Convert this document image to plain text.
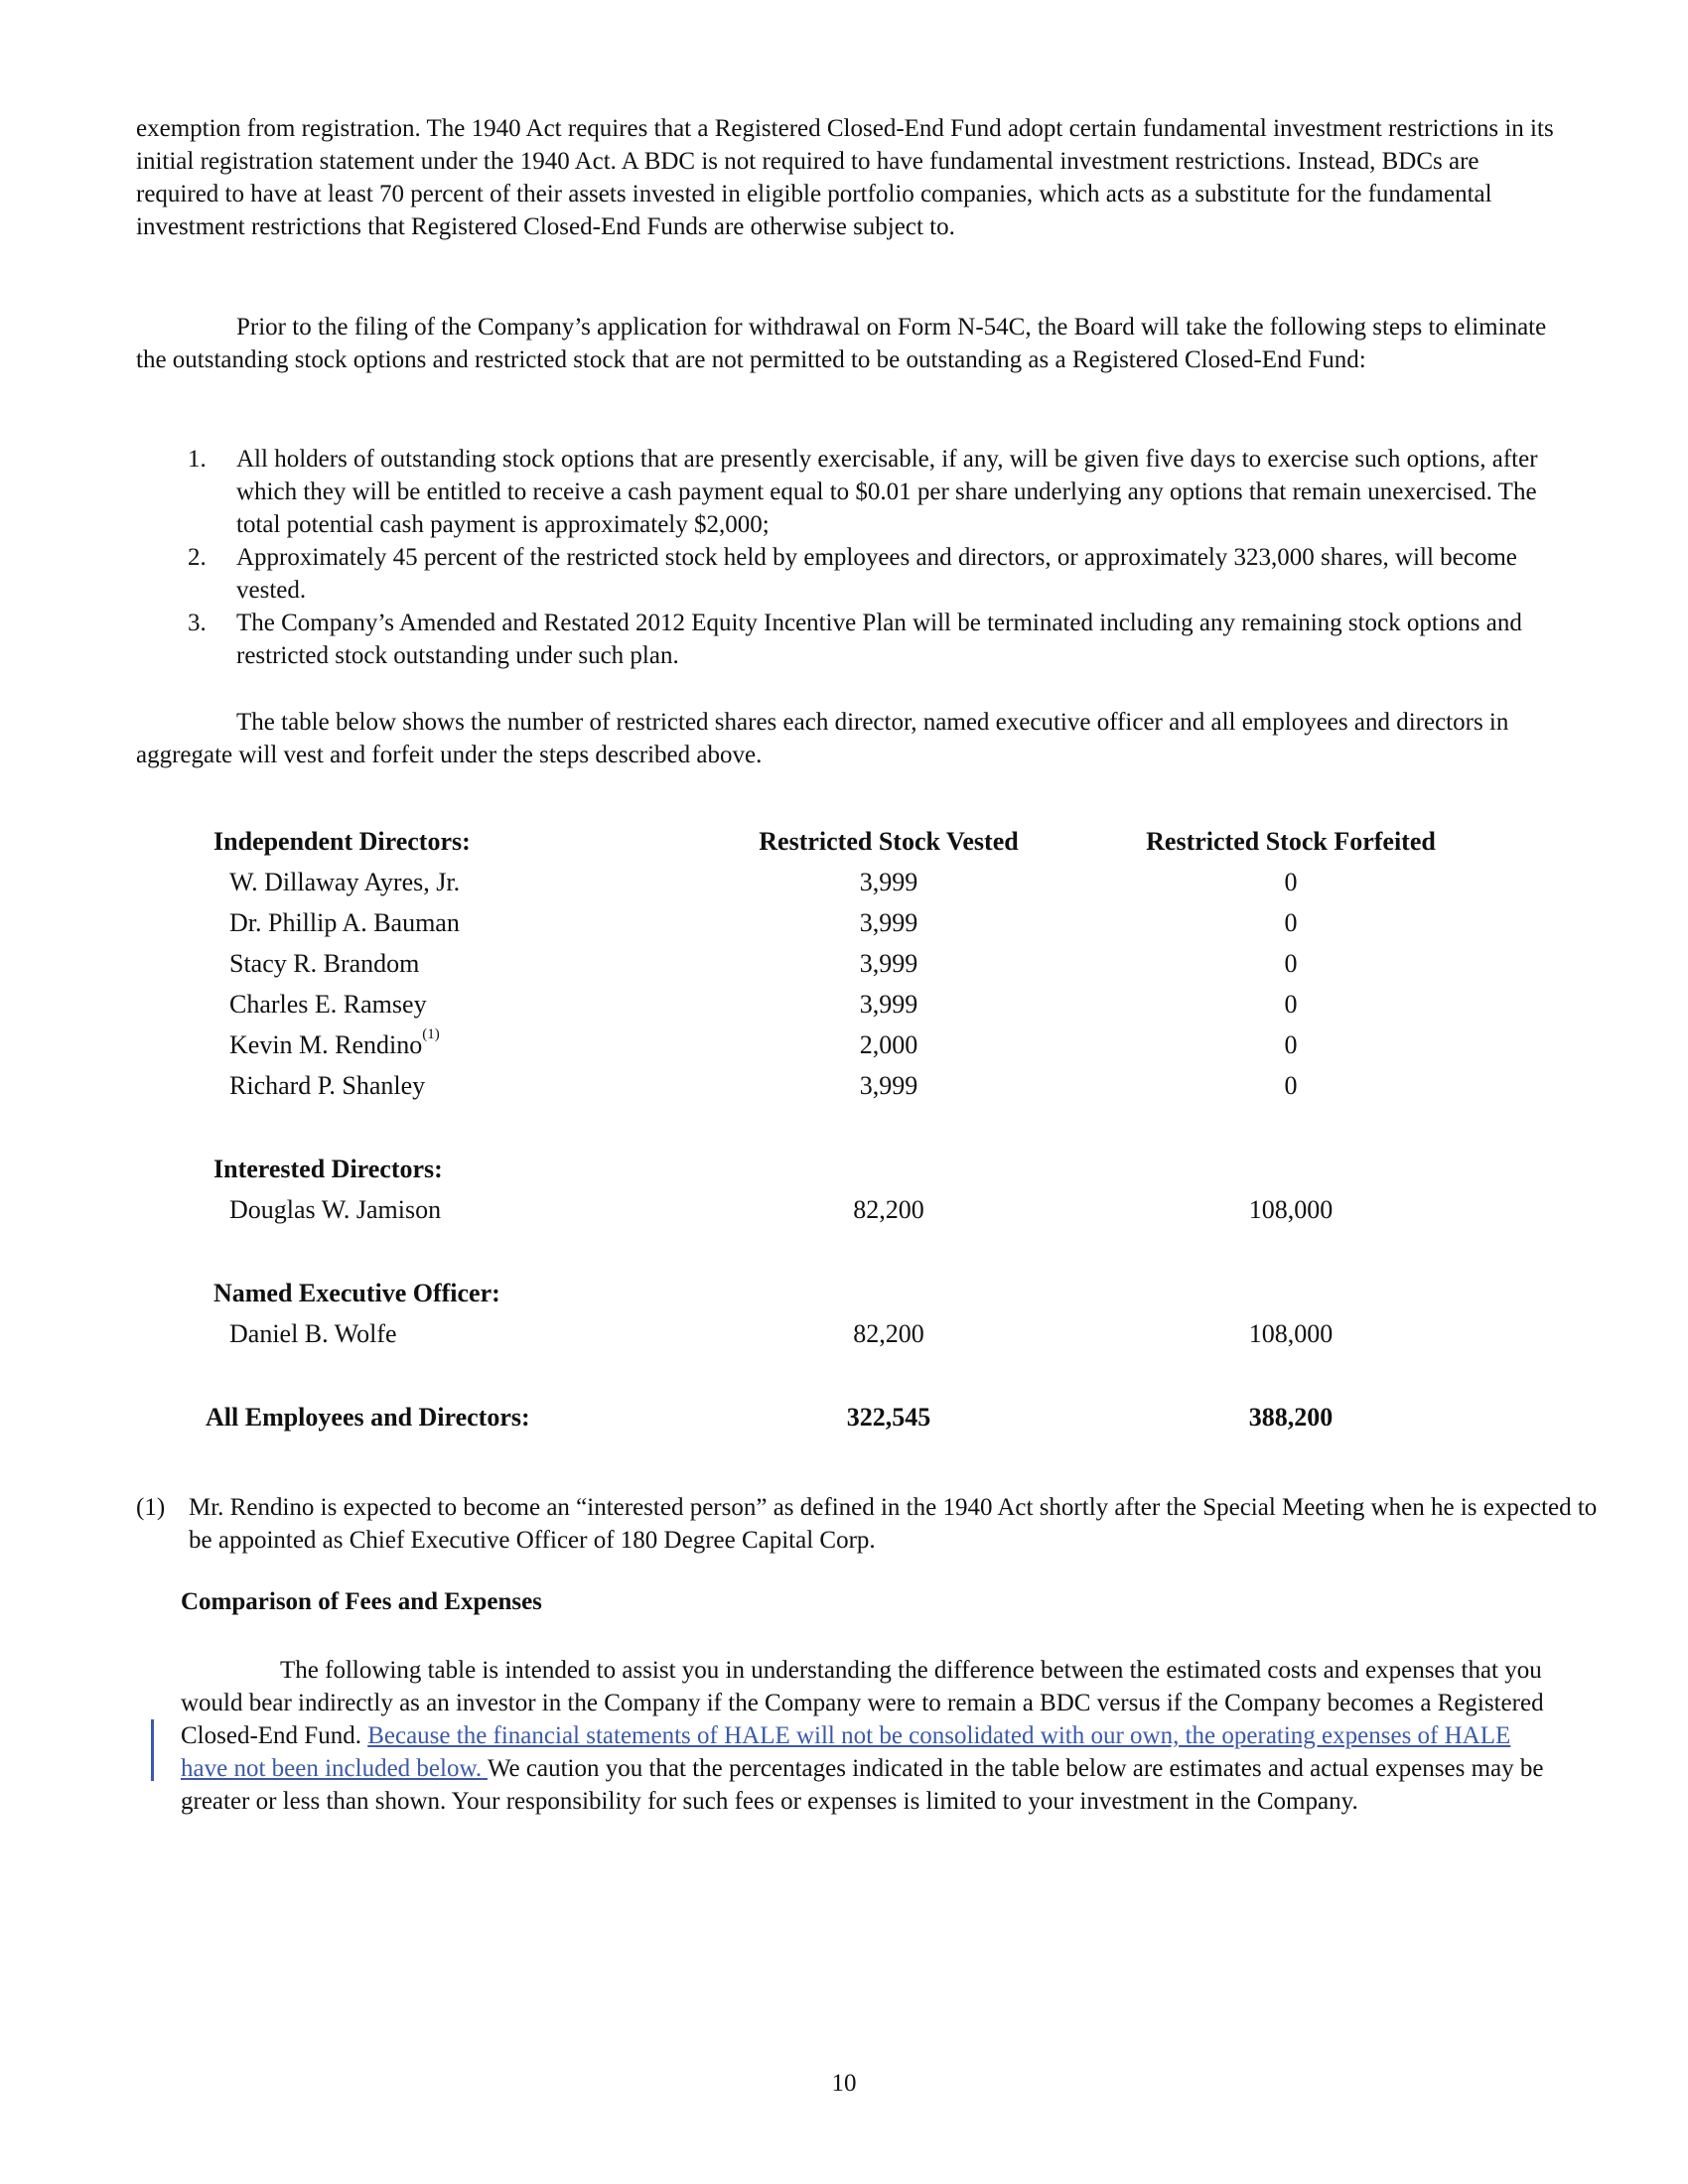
exemption from registration. The 1940 Act requires that a Registered Closed-End Fund adopt certain fundamental investment restrictions in its initial registration statement under the 1940 Act. A BDC is not required to have fundamental investment restrictions. Instead, BDCs are required to have at least 70 percent of their assets invested in eligible portfolio companies, which acts as a substitute for the fundamental investment restrictions that Registered Closed-End Funds are otherwise subject to.

Prior to the filing of the Company’s application for withdrawal on Form N-54C, the Board will take the following steps to eliminate the outstanding stock options and restricted stock that are not permitted to be outstanding as a Registered Closed-End Fund:

1. All holders of outstanding stock options that are presently exercisable, if any, will be given five days to exercise such options, after which they will be entitled to receive a cash payment equal to $0.01 per share underlying any options that remain unexercised. The total potential cash payment is approximately $2,000;
2. Approximately 45 percent of the restricted stock held by employees and directors, or approximately 323,000 shares, will become vested.
3. The Company’s Amended and Restated 2012 Equity Incentive Plan will be terminated including any remaining stock options and restricted stock outstanding under such plan.

The table below shows the number of restricted shares each director, named executive officer and all employees and directors in aggregate will vest and forfeit under the steps described above.

Independent Directors:	Restricted Stock Vested	Restricted Stock Forfeited
W. Dillaway Ayres, Jr.	3,999	0
Dr. Phillip A. Bauman	3,999	0
Stacy R. Brandom	3,999	0
Charles E. Ramsey	3,999	0
Kevin M. Rendino$^{(1)}$	2,000	0
Richard P. Shanley	3,999	0
Interested Directors:
Douglas W. Jamison	82,200	108,000
Named Executive Officer:
Daniel B. Wolfe	82,200	108,000
All Employees and Directors:	322,545	388,200
(1) Mr. Rendino is expected to become an “interested person” as defined in the 1940 Act shortly after the Special Meeting when he is expected to be appointed as Chief Executive Officer of 180 Degree Capital Corp.
Comparison of Fees and Expenses

The following table is intended to assist you in understanding the difference between the estimated costs and expenses that you would bear indirectly as an investor in the Company if the Company were to remain a BDC versus if the Company becomes a Registered Closed-End Fund. Because the financial statements of HALE will not be consolidated with our own, the operating expenses of HALE have not been included below. We caution you that the percentages indicated in the table below are estimates and actual expenses may be greater or less than shown. Your responsibility for such fees or expenses is limited to your investment in the Company.

10
